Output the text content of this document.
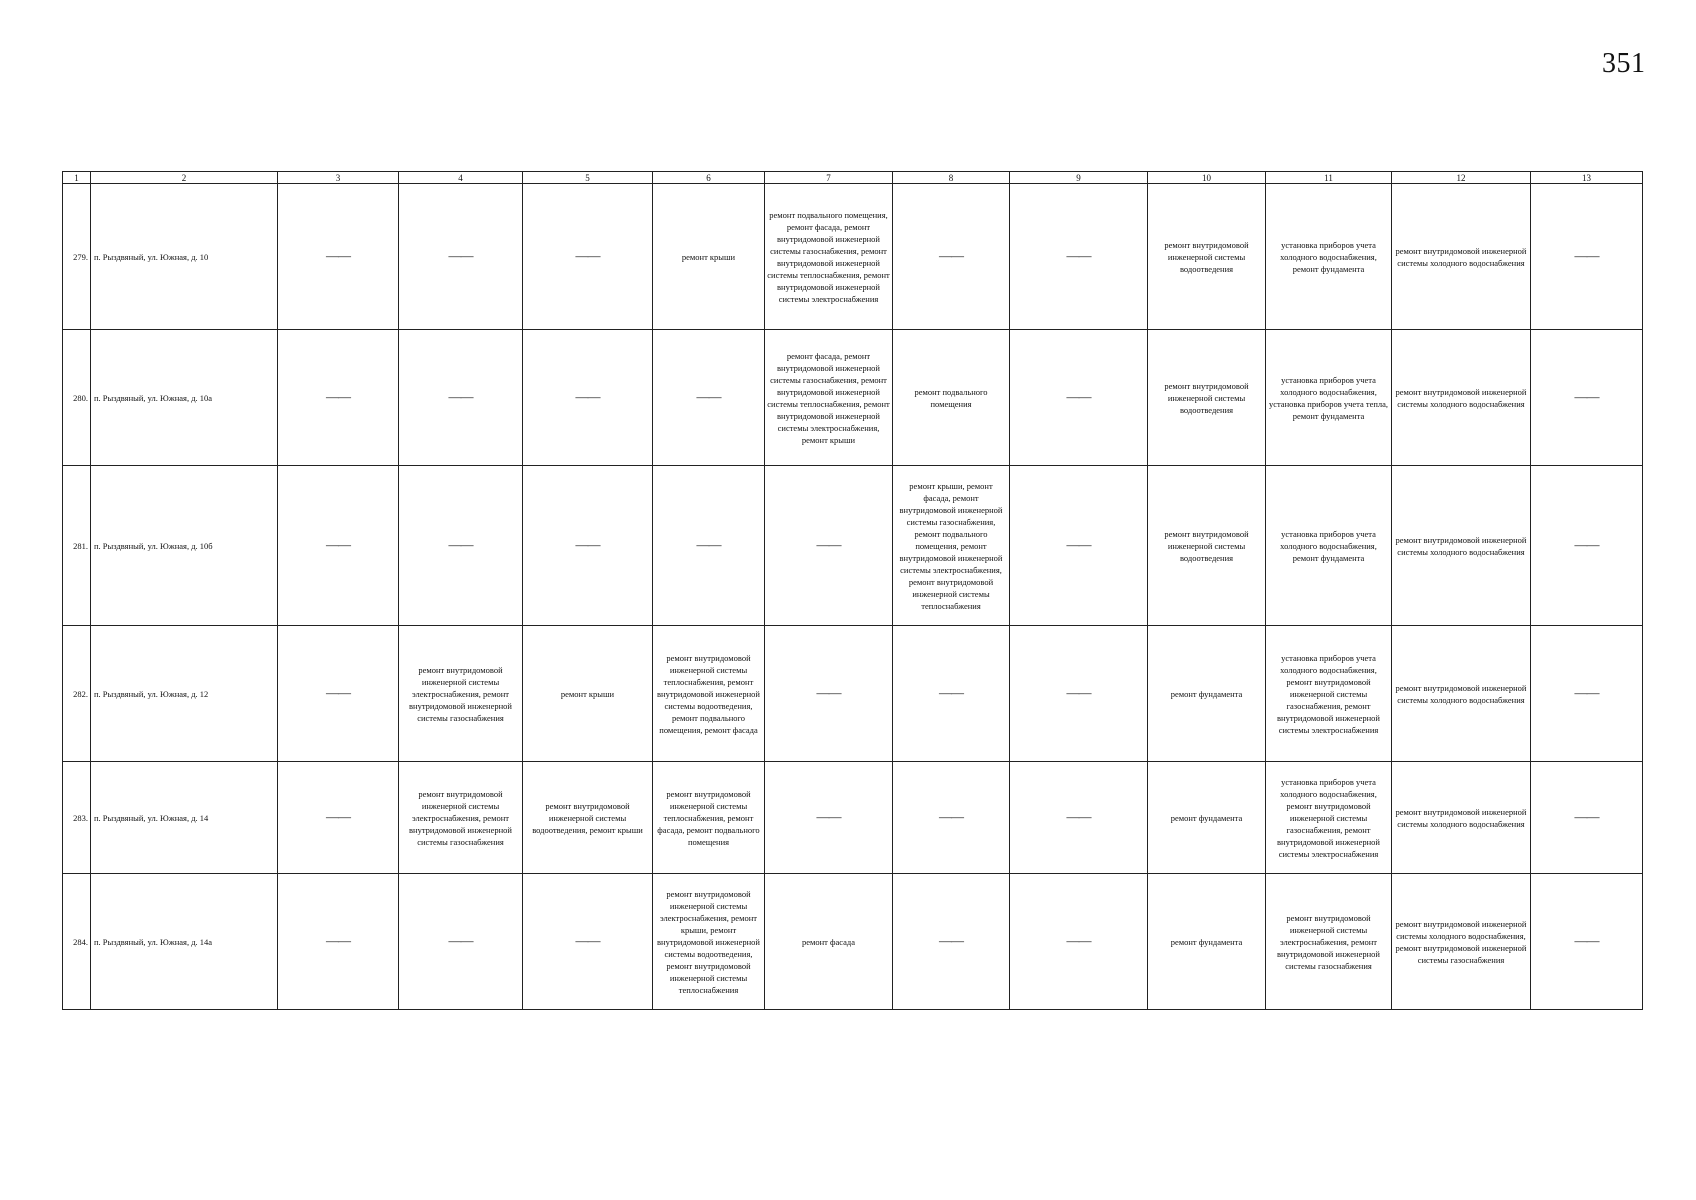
351
1	2	3	4	5	6	7	8	9	10	11	12	13
279.	п. Рыздвяный, ул. Южная, д. 10	——	——	——	ремонт крыши	ремонт подвального помещения, ремонт фасада, ремонт внутридомовой инженерной системы газоснабжения, ремонт внутридомовой инженерной системы теплоснабжения, ремонт внутридомовой инженерной системы электроснабжения	——	——	ремонт внутридомовой инженерной системы водоотведения	установка приборов учета холодного водоснабжения, ремонт фундамента	ремонт внутридомовой инженерной системы холодного водоснабжения	——
280.	п. Рыздвяный, ул. Южная, д. 10а	——	——	——	——	ремонт фасада, ремонт внутридомовой инженерной системы газоснабжения, ремонт внутридомовой инженерной системы теплоснабжения, ремонт внутридомовой инженерной системы электроснабжения, ремонт крыши	ремонт подвального помещения	——	ремонт внутридомовой инженерной системы водоотведения	установка приборов учета холодного водоснабжения, установка приборов учета тепла, ремонт фундамента	ремонт внутридомовой инженерной системы холодного водоснабжения	——
281.	п. Рыздвяный, ул. Южная, д. 10б	——	——	——	——	——	ремонт крыши, ремонт фасада, ремонт внутридомовой инженерной системы газоснабжения, ремонт подвального помещения, ремонт внутридомовой инженерной системы электроснабжения, ремонт внутридомовой инженерной системы теплоснабжения	——	ремонт внутридомовой инженерной системы водоотведения	установка приборов учета холодного водоснабжения, ремонт фундамента	ремонт внутридомовой инженерной системы холодного водоснабжения	——
282.	п. Рыздвяный, ул. Южная, д. 12	——	ремонт внутридомовой инженерной системы электроснабжения, ремонт внутридомовой инженерной системы газоснабжения	ремонт крыши	ремонт внутридомовой инженерной системы теплоснабжения, ремонт внутридомовой инженерной системы водоотведения, ремонт подвального помещения, ремонт фасада	——	——	——	ремонт фундамента	установка приборов учета холодного водоснабжения, ремонт внутридомовой инженерной системы газоснабжения, ремонт внутридомовой инженерной системы электроснабжения	ремонт внутридомовой инженерной системы холодного водоснабжения	——
283.	п. Рыздвяный, ул. Южная, д. 14	——	ремонт внутридомовой инженерной системы электроснабжения, ремонт внутридомовой инженерной системы газоснабжения	ремонт внутридомовой инженерной системы водоотведения, ремонт крыши	ремонт внутридомовой инженерной системы теплоснабжения, ремонт фасада, ремонт подвального помещения	——	——	——	ремонт фундамента	установка приборов учета холодного водоснабжения, ремонт внутридомовой инженерной системы газоснабжения, ремонт внутридомовой инженерной системы электроснабжения	ремонт внутридомовой инженерной системы холодного водоснабжения	——
284.	п. Рыздвяный, ул. Южная, д. 14а	——	——	——	ремонт внутридомовой инженерной системы электроснабжения, ремонт крыши, ремонт внутридомовой инженерной системы водоотведения, ремонт внутридомовой инженерной системы теплоснабжения	ремонт фасада	——	——	ремонт фундамента	ремонт внутридомовой инженерной системы электроснабжения, ремонт внутридомовой инженерной системы газоснабжения	ремонт внутридомовой инженерной системы холодного водоснабжения, ремонт внутридомовой инженерной системы газоснабжения	——
